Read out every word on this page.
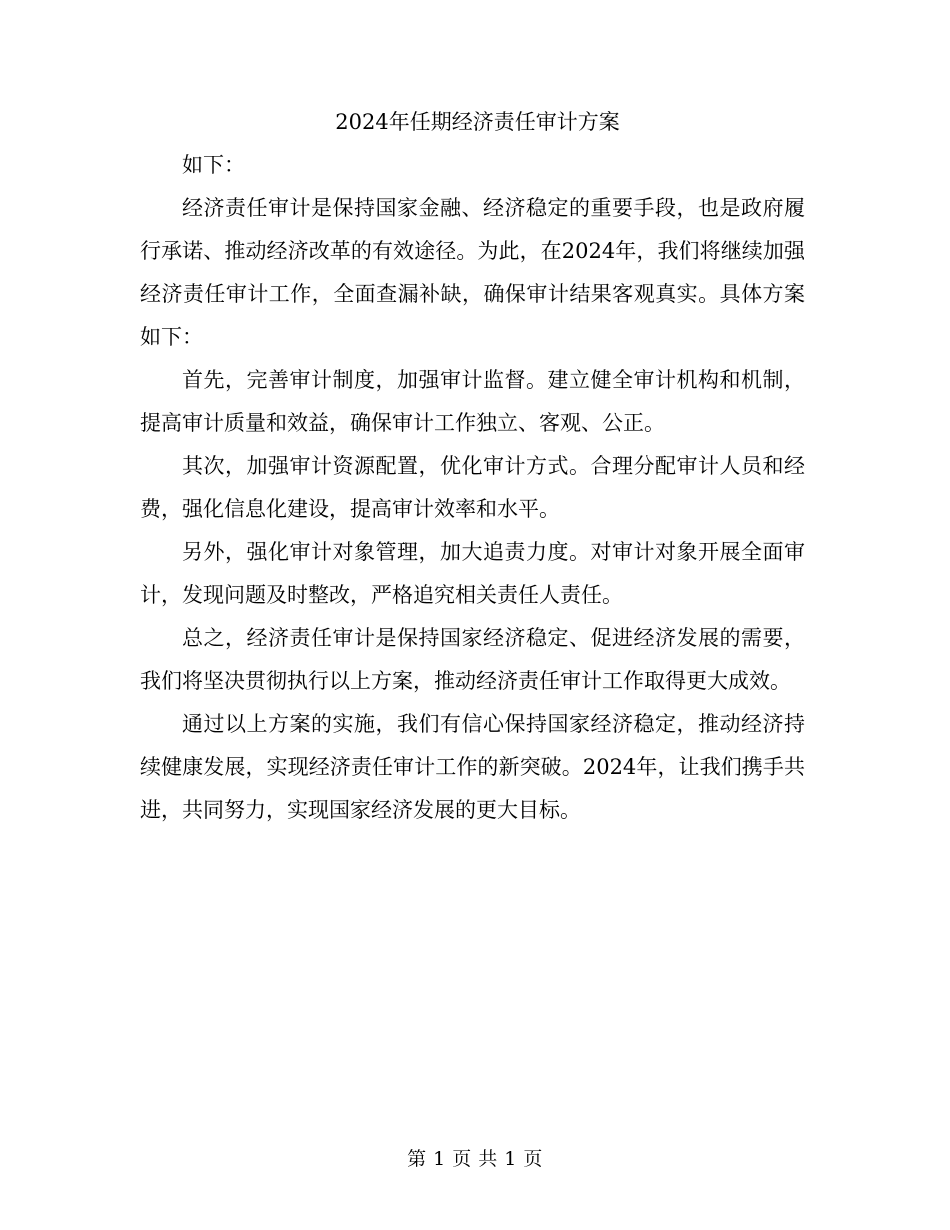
2024年任期经济责任审计方案

如下：

经济责任审计是保持国家金融、经济稳定的重要手段，也是政府履行承诺、推动经济改革的有效途径。为此，在2024年，我们将继续加强经济责任审计工作，全面查漏补缺，确保审计结果客观真实。具体方案如下：

首先，完善审计制度，加强审计监督。建立健全审计机构和机制，提高审计质量和效益，确保审计工作独立、客观、公正。

其次，加强审计资源配置，优化审计方式。合理分配审计人员和经费，强化信息化建设，提高审计效率和水平。

另外，强化审计对象管理，加大追责力度。对审计对象开展全面审计，发现问题及时整改，严格追究相关责任人责任。

总之，经济责任审计是保持国家经济稳定、促进经济发展的需要，我们将坚决贯彻执行以上方案，推动经济责任审计工作取得更大成效。

通过以上方案的实施，我们有信心保持国家经济稳定，推动经济持续健康发展，实现经济责任审计工作的新突破。2024年，让我们携手共进，共同努力，实现国家经济发展的更大目标。

第 1 页 共 1 页
